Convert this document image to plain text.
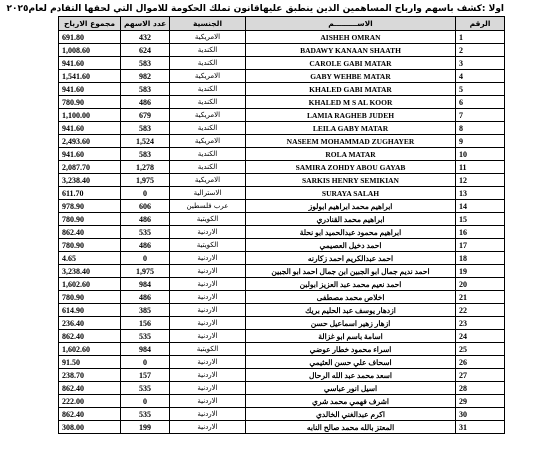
اولا :كشف باسهم وارباح المساهمين الذين ينطبق عليهاقانون تملك الحكومة للاموال التي لحقها التقادم لعام٢٠٢٥
مجموع الارباح	عدد الاسهم	الجنسية	الاســـــــــم	الرقم
691.80	432	الامريكية	AISHEH OMRAN	1
1,008.60	624	الكندية	BADAWY KANAAN SHAATH	2
941.60	583	الكندية	CAROLE GABI MATAR	3
1,541.60	982	الامريكية	GABY WEHBE MATAR	4
941.60	583	الكندية	KHALED GABI MATAR	5
780.90	486	الكندية	KHALED M S AL KOOR	6
1,100.00	679	الامريكية	LAMIA RAGHEB JUDEH	7
941.60	583	الكندية	LEILA GABY MATAR	8
2,493.60	1,524	الامريكية	NASEEM MOHAMMAD ZUGHAYER	9
941.60	583	الكندية	ROLA MATAR	10
2,087.70	1,278	الكندية	SAMIRA ZOHDY ABOU GAYAB	11
3,238.40	1,975	الامريكية	SARKIS HENRY SEMIKIAN	12
611.70	0	الاسترالية	SURAYA SALAH	13
978.90	606	عرب فلسطين	ابراهيم محمد ابراهيم ابولوز	14
780.90	486	الكويتية	ابراهيم محمد القنادري	15
862.40	535	الاردنية	ابراهيم محمود عبدالحميد ابو نحلة	16
780.90	486	الكويتية	احمد دخيل العصيمي	17
4.65	0	الاردنية	احمد عبدالكريم احمد زكارنه	18
3,238.40	1,975	الاردنية	احمد نديم جمال ابو الجبين ابن جمال احمد ابو الجبين	19
1,602.60	984	الاردنية	احمد نعيم محمد عبد العزيز ابولبن	20
780.90	486	الاردنية	اخلاص محمد مصطفى	21
614.90	385	الاردنية	ازدهار يوسف عبد الحليم بريك	22
236.40	156	الاردنية	ازهار زهير اسماعيل حسن	23
862.40	535	الاردنية	اسامة باسم ابو غزالة	24
1,602.60	984	الكويتية	اسراء محمود خطار عوضي	25
91.50	0	الاردنية	اسحاف علي حسن العثيمي	26
238.70	157	الاردنية	اسعد محمد عبد الله الرحال	27
862.40	535	الاردنية	اسيل انور عباسي	28
222.00	0	الاردنية	اشرف فهمي محمد شري	29
862.40	535	الاردنية	اكرم عبدالغني الخالدي	30
308.00	199	الاردنية	المعتز بالله محمد صالح النابه	31
